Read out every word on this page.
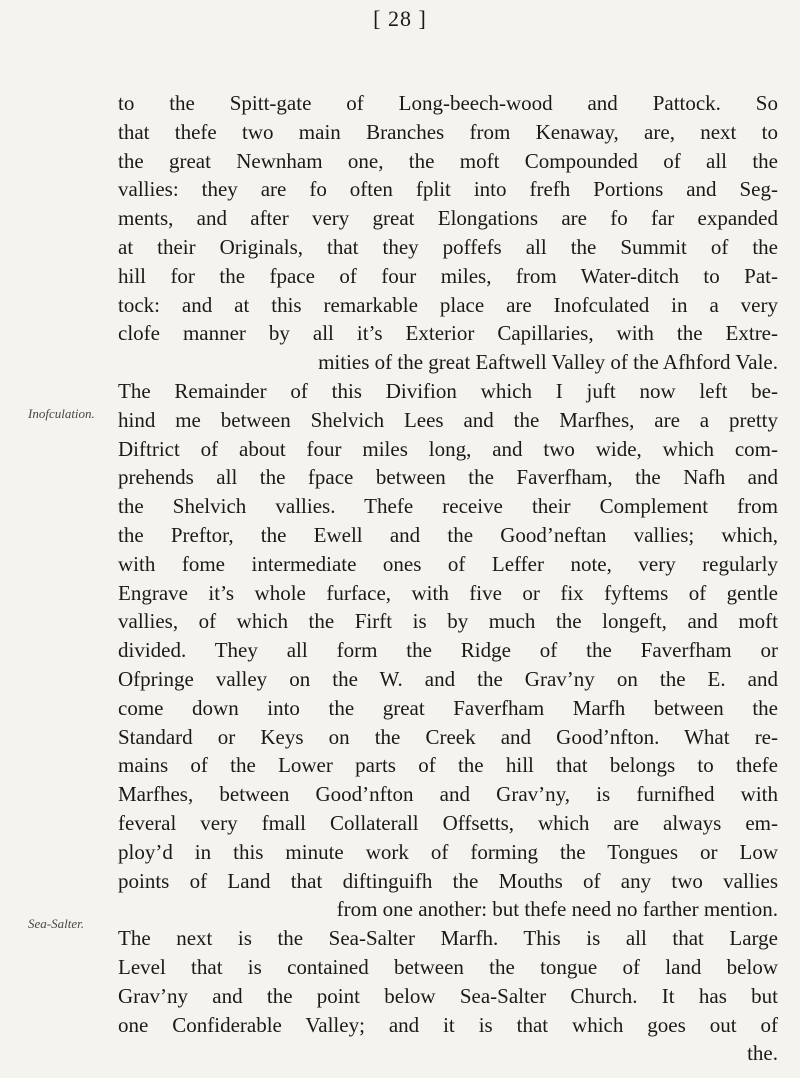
[ 28 ]
Inofculation.
Sea-Salter.
to the Spitt-gate of Long-beech-wood and Pattock. So
that thefe two main Branches from Kenaway, are, next to
the great Newnham one, the moft Compounded of all the
vallies: they are fo often fplit into frefh Portions and Seg-
ments, and after very great Elongations are fo far expanded
at their Originals, that they poffefs all the Summit of the
hill for the fpace of four miles, from Water-ditch to Pat-
tock: and at this remarkable place are Inofculated in a very
clofe manner by all it’s Exterior Capillaries, with the Extre-
mities of the great Eaftwell Valley of the Afhford Vale.
The Remainder of this Divifion which I juft now left be-
hind me between Shelvich Lees and the Marfhes, are a pretty
Diftrict of about four miles long, and two wide, which com-
prehends all the fpace between the Faverfham, the Nafh and
the Shelvich vallies. Thefe receive their Complement from
the Preftor, the Ewell and the Good’neftan vallies; which,
with fome intermediate ones of Leffer note, very regularly
Engrave it’s whole furface, with five or fix fyftems of gentle
vallies, of which the Firft is by much the longeft, and moft
divided. They all form the Ridge of the Faverfham or
Ofpringe valley on the W. and the Grav’ny on the E. and
come down into the great Faverfham Marfh between the
Standard or Keys on the Creek and Good’nfton. What re-
mains of the Lower parts of the hill that belongs to thefe
Marfhes, between Good’nfton and Grav’ny, is furnifhed with
feveral very fmall Collaterall Offsetts, which are always em-
ploy’d in this minute work of forming the Tongues or Low
points of Land that diftinguifh the Mouths of any two vallies
from one another: but thefe need no farther mention.
The next is the Sea-Salter Marfh. This is all that Large
Level that is contained between the tongue of land below
Grav’ny and the point below Sea-Salter Church. It has but
one Confiderable Valley; and it is that which goes out of
the.
